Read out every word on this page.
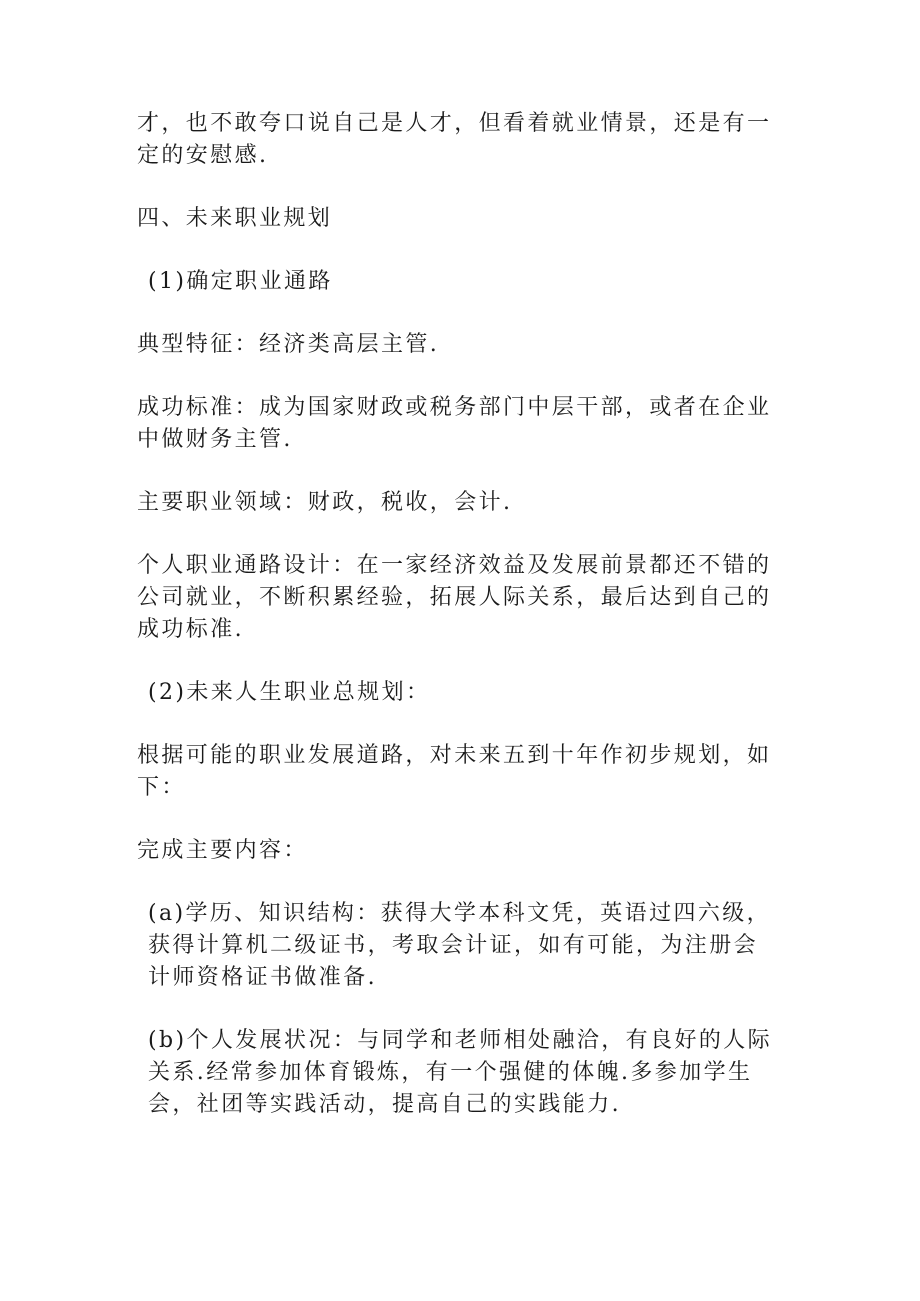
才，也不敢夸口说自己是人才，但看着就业情景，还是有一定的安慰感.

四、未来职业规划

(1)确定职业通路

典型特征：经济类高层主管.

成功标准：成为国家财政或税务部门中层干部，或者在企业中做财务主管.

主要职业领域：财政，税收，会计.

个人职业通路设计：在一家经济效益及发展前景都还不错的公司就业，不断积累经验，拓展人际关系，最后达到自己的成功标准.

(2)未来人生职业总规划：

根据可能的职业发展道路，对未来五到十年作初步规划，如下：

完成主要内容：

(a)学历、知识结构：获得大学本科文凭，英语过四六级，获得计算机二级证书，考取会计证，如有可能，为注册会计师资格证书做准备.

(b)个人发展状况：与同学和老师相处融洽，有良好的人际关系.经常参加体育锻炼，有一个强健的体魄.多参加学生会，社团等实践活动，提高自己的实践能力.
